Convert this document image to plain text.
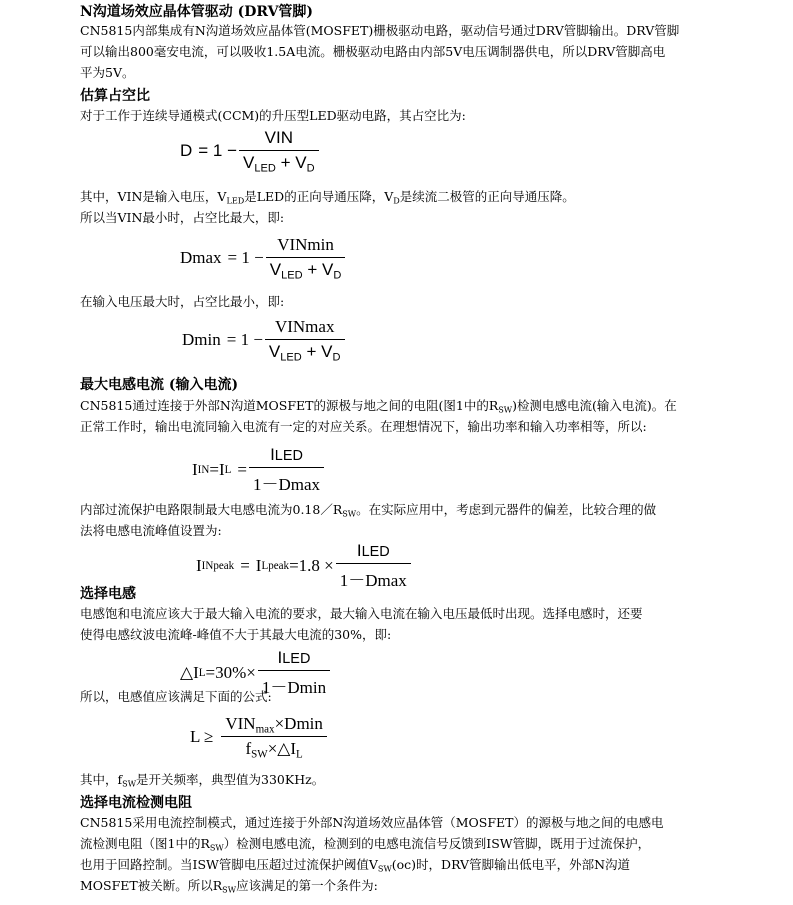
N沟道场效应晶体管驱动 (DRV管脚)
CN5815内部集成有N沟道场效应晶体管(MOSFET)栅极驱动电路，驱动信号通过DRV管脚输出。DRV管脚
可以输出800毫安电流，可以吸收1.5A电流。栅极驱动电路由内部5V电压调制器供电，所以DRV管脚高电
平为5V。
估算占空比
对于工作于连续导通模式(CCM)的升压型LED驱动电路，其占空比为:
$D = 1 - \frac{\text{VIN}}{V_{LED} + V_D}$
其中，VIN是输入电压，$V_{LED}$是LED的正向导通压降，$V_D$是续流二极管的正向导通压降。
所以当VIN最小时，占空比最大，即:
$Dmax = 1 - \frac{\text{VINmin}}{V_{LED} + V_D}$
在输入电压最大时，占空比最小，即:
$Dmin = 1 - \frac{\text{VINmax}}{V_{LED} + V_D}$
最大电感电流 (输入电流)
CN5815通过连接于外部N沟道MOSFET的源极与地之间的电阻(图1中的$R_{SW}$)检测电感电流(输入电流)。在
正常工作时，输出电流同输入电流有一定的对应关系。在理想情况下，输出功率和输入功率相等，所以:
I IN = I $L = \frac{\text{ILED}}{1-Dmax}$
内部过流保护电路限制最大电感电流为$0.18/R_{SW}$。在实际应用中，考虑到元器件的偏差，比较合理的做
法将电感电流峰值设置为:
I INpeak = I Lpeak $=1.8 \times \frac{\text{ILED}}{1-Dmax}$
选择电感
电感饱和电流应该大于最大输入电流的要求，最大输入电流在输入电压最低时出现。选择电感时，还要
使得电感纹波电流峰-峰值不大于其最大电流的30%，即:
△I $L =30\%\times \frac{\text{ILED}}{1-Dmin}$
所以，电感值应该满足下面的公式:
$L \ge \frac{VIN_{max}\times Dmin}{f_{SW}\times\triangle I_L}$
其中，$f_{SW}$是开关频率，典型值为330KHz。
选择电流检测电阻
CN5815采用电流控制模式，通过连接于外部N沟道场效应晶体管（MOSFET）的源极与地之间的电感电
流检测电阻（图1中的$R_{SW}$）检测电感电流，检测到的电感电流信号反馈到ISW管脚，既用于过流保护，
也用于回路控制。当ISW管脚电压超过过流保护阈值$V_{SW}(oc)$时，DRV管脚输出低电平，外部N沟道
MOSFET被关断。所以$R_{SW}$应该满足的第一个条件为:
